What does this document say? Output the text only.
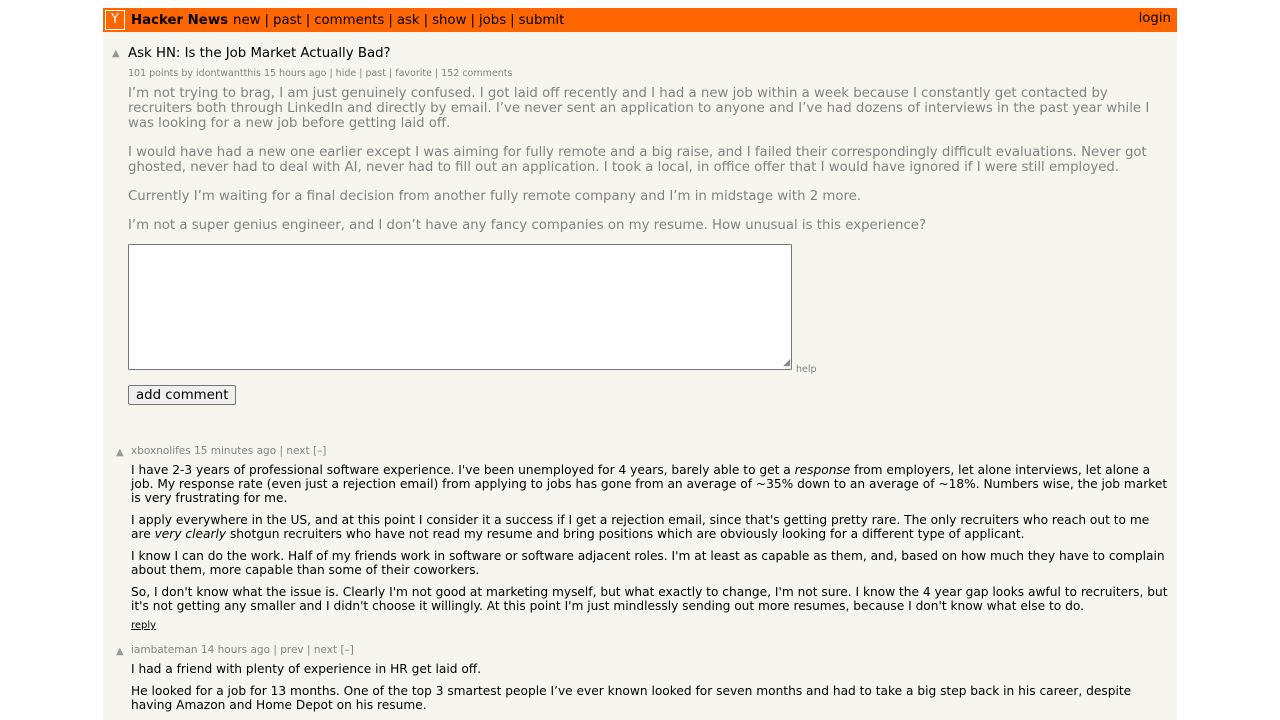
Y Hacker News new | past | comments | ask | show | jobs | submit	login
▲ Ask HN: Is the Job Market Actually Bad?
101 points by idontwantthis 15 hours ago | hide | past | favorite | 152 comments

I’m not trying to brag, I am just genuinely confused. I got laid off recently and I had a new job within a week because I constantly get contacted by recruiters both through LinkedIn and directly by email. I’ve never sent an application to anyone and I’ve had dozens of interviews in the past year while I was looking for a new job before getting laid off.

I would have had a new one earlier except I was aiming for fully remote and a big raise, and I failed their correspondingly difficult evaluations. Never got ghosted, never had to deal with AI, never had to fill out an application. I took a local, in office offer that I would have ignored if I were still employed.

Currently I’m waiting for a final decision from another fully remote company and I’m in midstage with 2 more.

I’m not a super genius engineer, and I don’t have any fancy companies on my resume. How unusual is this experience?

◢
help
add comment
▲ xboxnolifes 15 minutes ago | next [–]

I have 2-3 years of professional software experience. I've been unemployed for 4 years, barely able to get a response from employers, let alone interviews, let alone a job. My response rate (even just a rejection email) from applying to jobs has gone from an average of ~35% down to an average of ~18%. Numbers wise, the job market is very frustrating for me.

I apply everywhere in the US, and at this point I consider it a success if I get a rejection email, since that's getting pretty rare. The only recruiters who reach out to me are very clearly shotgun recruiters who have not read my resume and bring positions which are obviously looking for a different type of applicant.

I know I can do the work. Half of my friends work in software or software adjacent roles. I'm at least as capable as them, and, based on how much they have to complain about them, more capable than some of their coworkers.

So, I don't know what the issue is. Clearly I'm not good at marketing myself, but what exactly to change, I'm not sure. I know the 4 year gap looks awful to recruiters, but it's not getting any smaller and I didn't choose it willingly. At this point I'm just mindlessly sending out more resumes, because I don't know what else to do.

reply
▲ iambateman 14 hours ago | prev | next [–]

I had a friend with plenty of experience in HR get laid off.

He looked for a job for 13 months. One of the top 3 smartest people I’ve ever known looked for seven months and had to take a big step back in his career, despite having Amazon and Home Depot on his resume.
